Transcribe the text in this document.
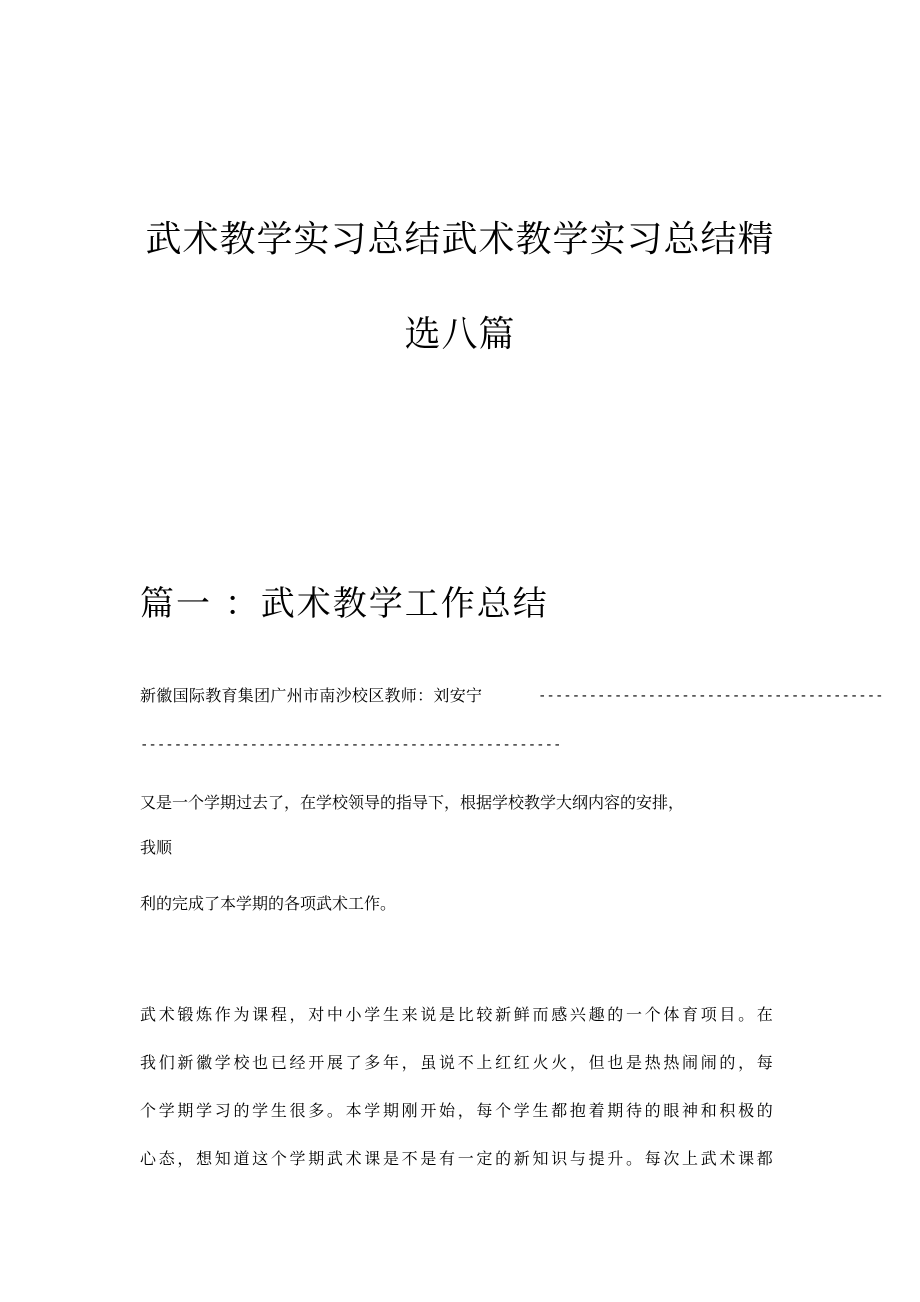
武术教学实习总结武术教学实习总结精
选八篇
篇一 ：武术教学工作总结
新徽国际教育集团广州市南沙校区教师：刘安宁	-----------------------------------------
--------------------------------------------------
又是一个学期过去了，在学校领导的指导下，根据学校教学大纲内容的安排，
我顺
利的完成了本学期的各项武术工作。
武术锻炼作为课程，对中小学生来说是比较新鲜而感兴趣的一个体育项目。在
我们新徽学校也已经开展了多年，虽说不上红红火火，但也是热热闹闹的，每
个学期学习的学生很多。本学期刚开始，每个学生都抱着期待的眼神和积极的
心态，想知道这个学期武术课是不是有一定的新知识与提升。每次上武术课都
